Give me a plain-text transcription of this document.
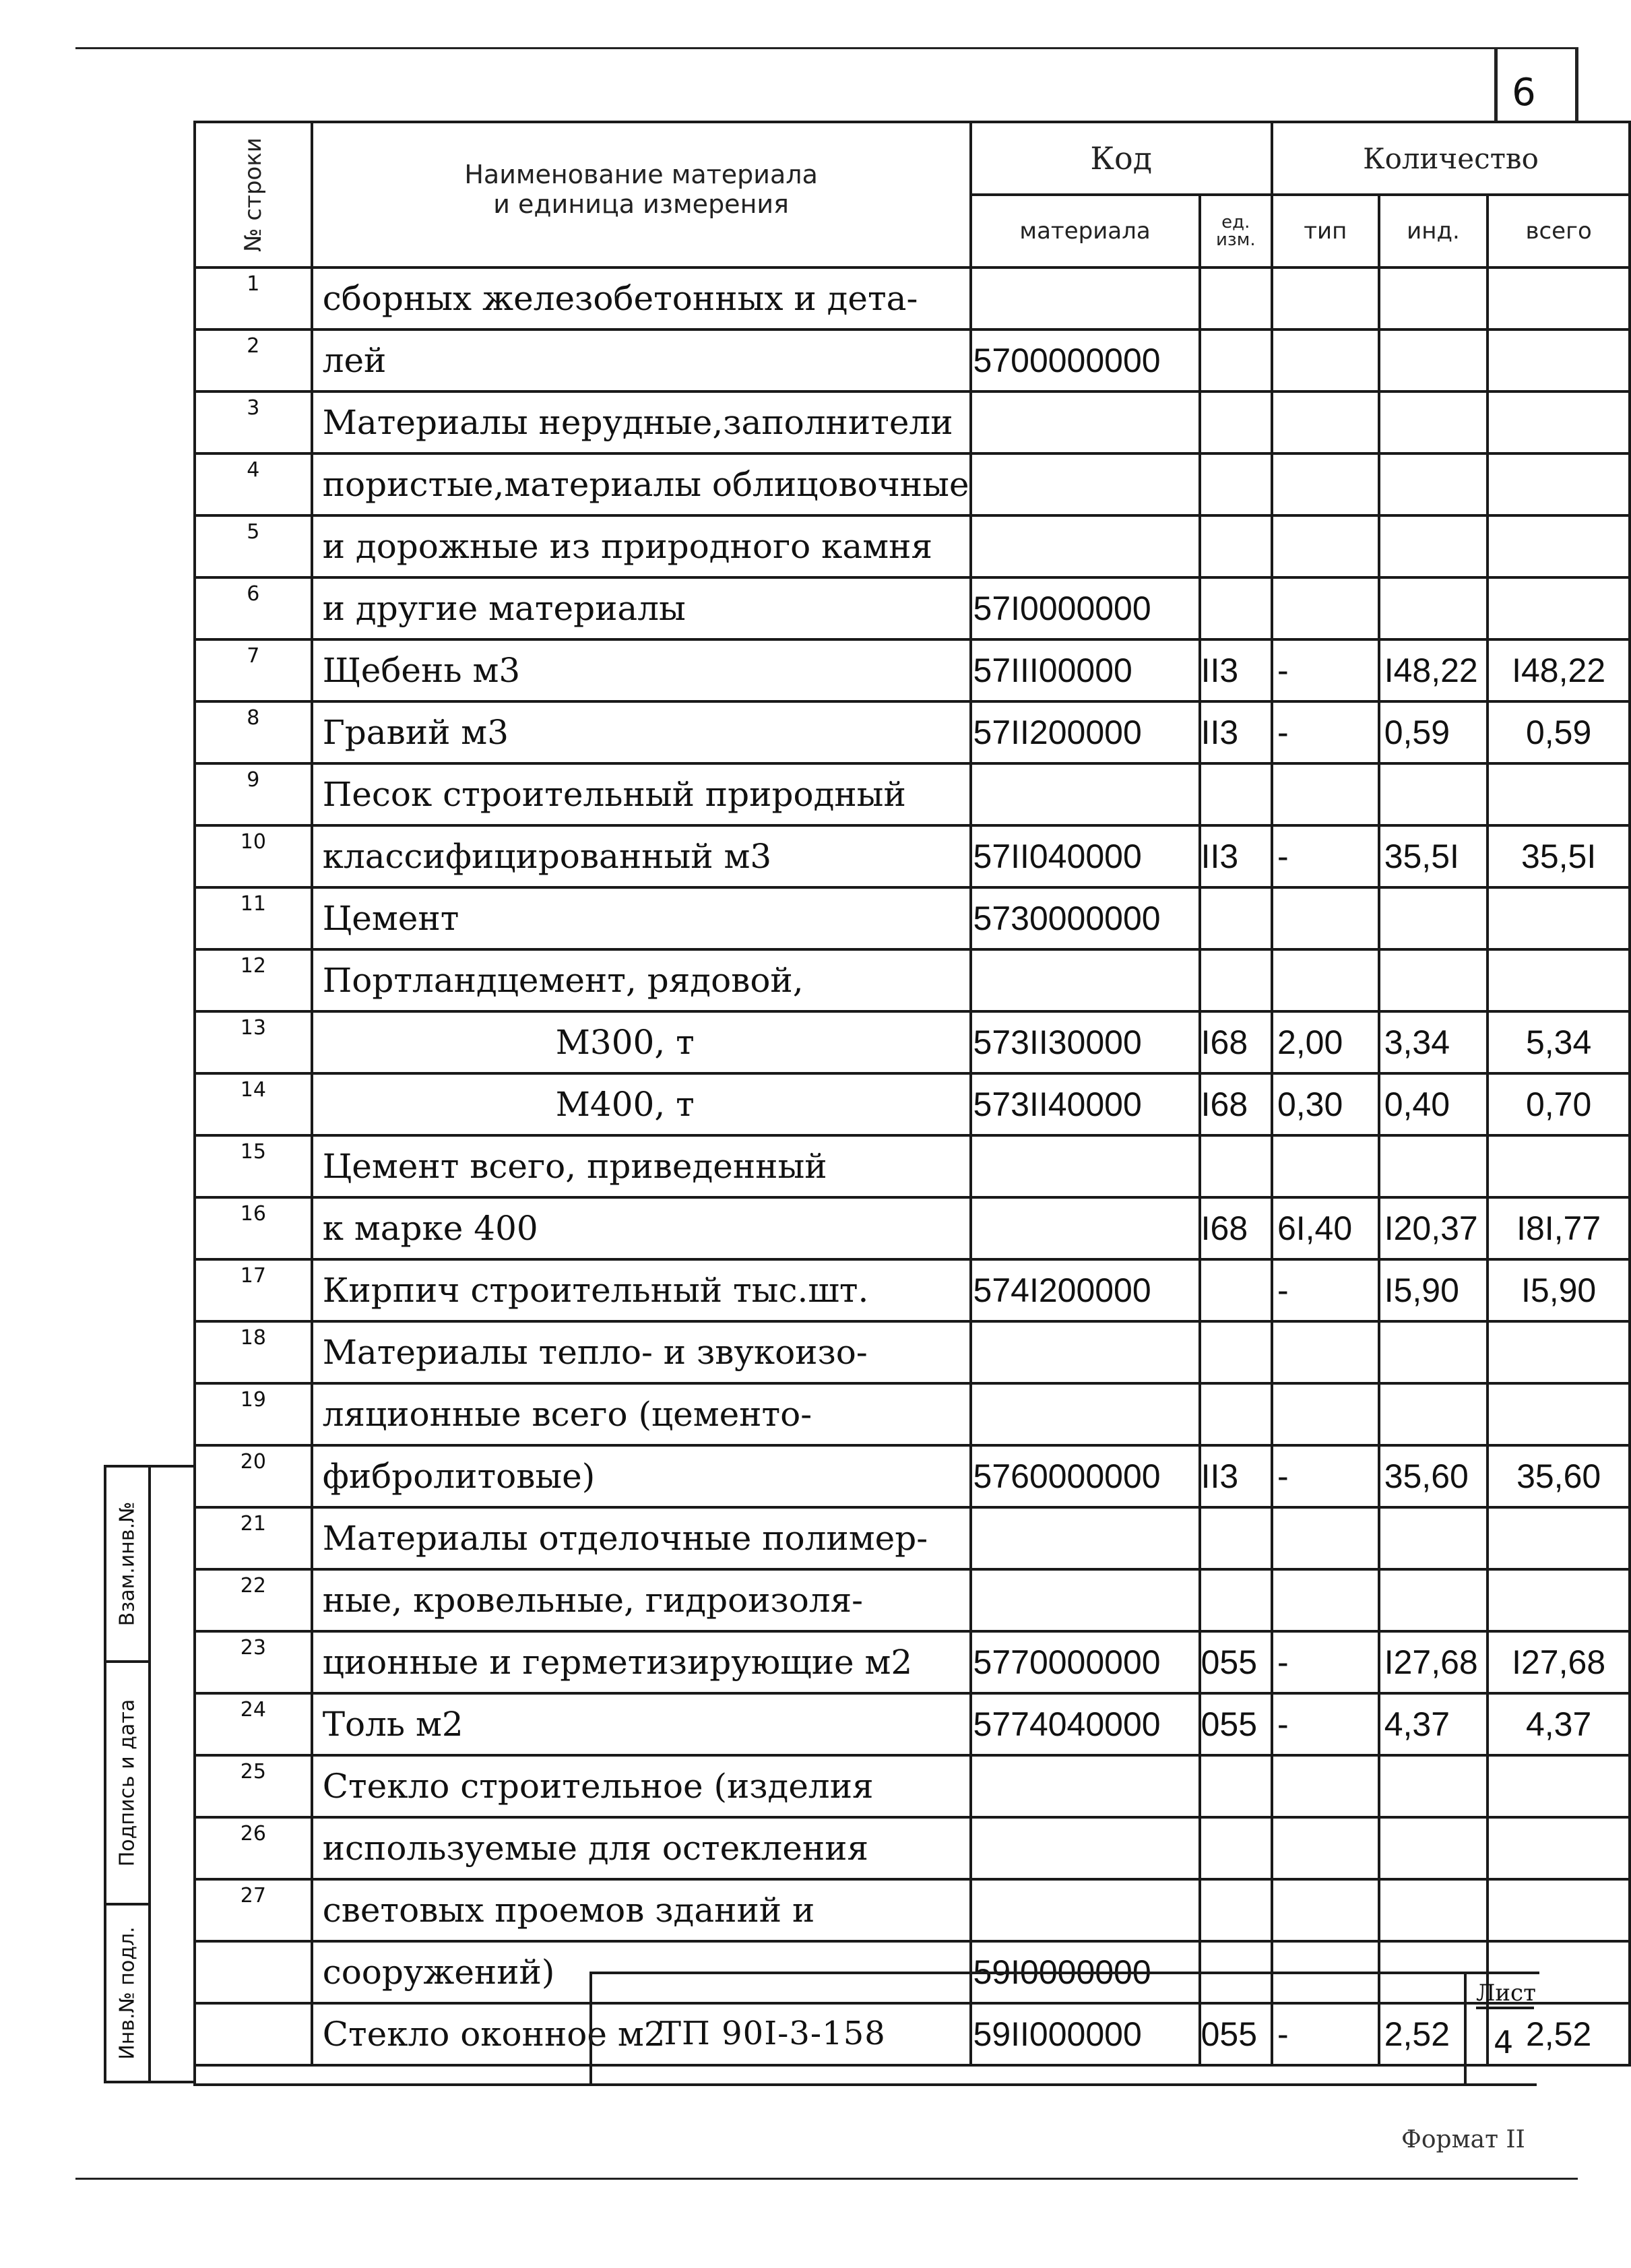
6
№ строки	Наименование материала
и единица измерения	Код		Количество		
		материала	ед. изм.	тип	инд.	всего
1	сборных железобетонных и дета-					
2	лей	5700000000				
3	Материалы нерудные,заполнители					
4	пористые,материалы облицовочные					
5	и дорожные из природного камня					
6	и другие материалы	57I0000000				
7	Щебень м3	57III00000	II3	-	I48,22	I48,22
8	Гравий м3	57II200000	II3	-	0,59	0,59
9	Песок строительный природный					
10	классифицированный м3	57II040000	II3	-	35,5I	35,5I
11	Цемент	5730000000				
12	Портландцемент, рядовой,					
13	М300, т	573II30000	I68	2,00	3,34	5,34
14	М400, т	573II40000	I68	0,30	0,40	0,70
15	Цемент всего, приведенный					
16	к марке 400		I68	6I,40	I20,37	I8I,77
17	Кирпич строительный тыс.шт.	574I200000		-	I5,90	I5,90
18	Материалы тепло- и звукоизо-					
19	ляционные всего (цементо-					
20	фибролитовые)	5760000000	II3	-	35,60	35,60
21	Материалы отделочные полимер-					
22	ные, кровельные, гидроизоля-					
23	ционные и герметизирующие м2	5770000000	055	-	I27,68	I27,68
24	Толь м2	5774040000	055	-	4,37	4,37
25	Стекло строительное (изделия					
26	используемые для остекления					
27	световых проемов зданий и					
	сооружений)	59I0000000				
	Стекло оконное м2	59II000000	055	-	2,52	2,52
Взам.инв.№
Подпись и дата
Инв.№ подл.	ТП 90I-3-158
Лист
4
Формат II
